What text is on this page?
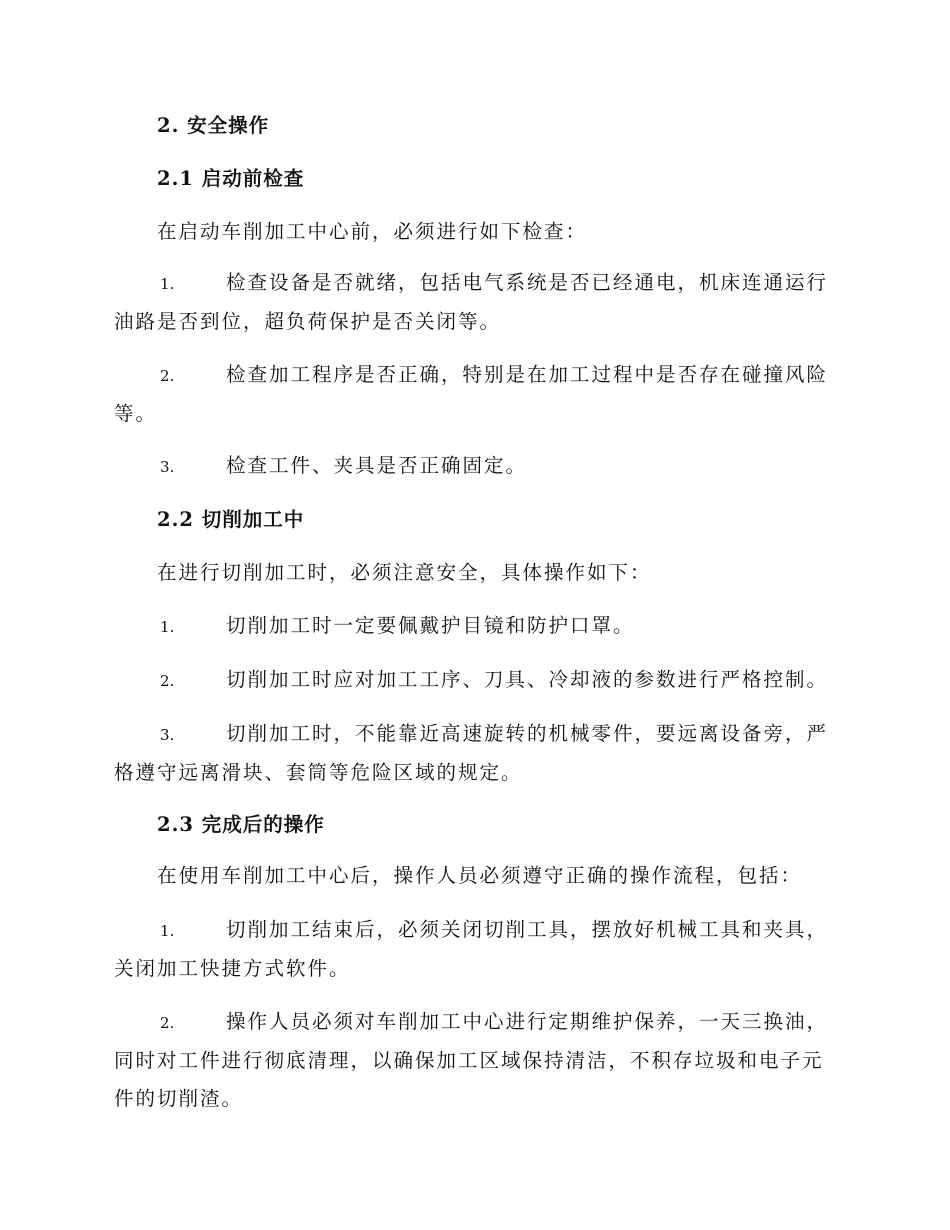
2. 安全操作
2.1 启动前检查
在启动车削加工中心前，必须进行如下检查：
1.	检查设备是否就绪，包括电气系统是否已经通电，机床连通运行油路是否到位，超负荷保护是否关闭等。
2.	检查加工程序是否正确，特别是在加工过程中是否存在碰撞风险等。
3.	检查工件、夹具是否正确固定。
2.2 切削加工中
在进行切削加工时，必须注意安全，具体操作如下：
1.	切削加工时一定要佩戴护目镜和防护口罩。
2.	切削加工时应对加工工序、刀具、冷却液的参数进行严格控制。
3.	切削加工时，不能靠近高速旋转的机械零件，要远离设备旁，严格遵守远离滑块、套筒等危险区域的规定。
2.3 完成后的操作
在使用车削加工中心后，操作人员必须遵守正确的操作流程，包括：
1.	切削加工结束后，必须关闭切削工具，摆放好机械工具和夹具，关闭加工快捷方式软件。
2.	操作人员必须对车削加工中心进行定期维护保养，一天三换油，同时对工件进行彻底清理，以确保加工区域保持清洁，不积存垃圾和电子元件的切削渣。
